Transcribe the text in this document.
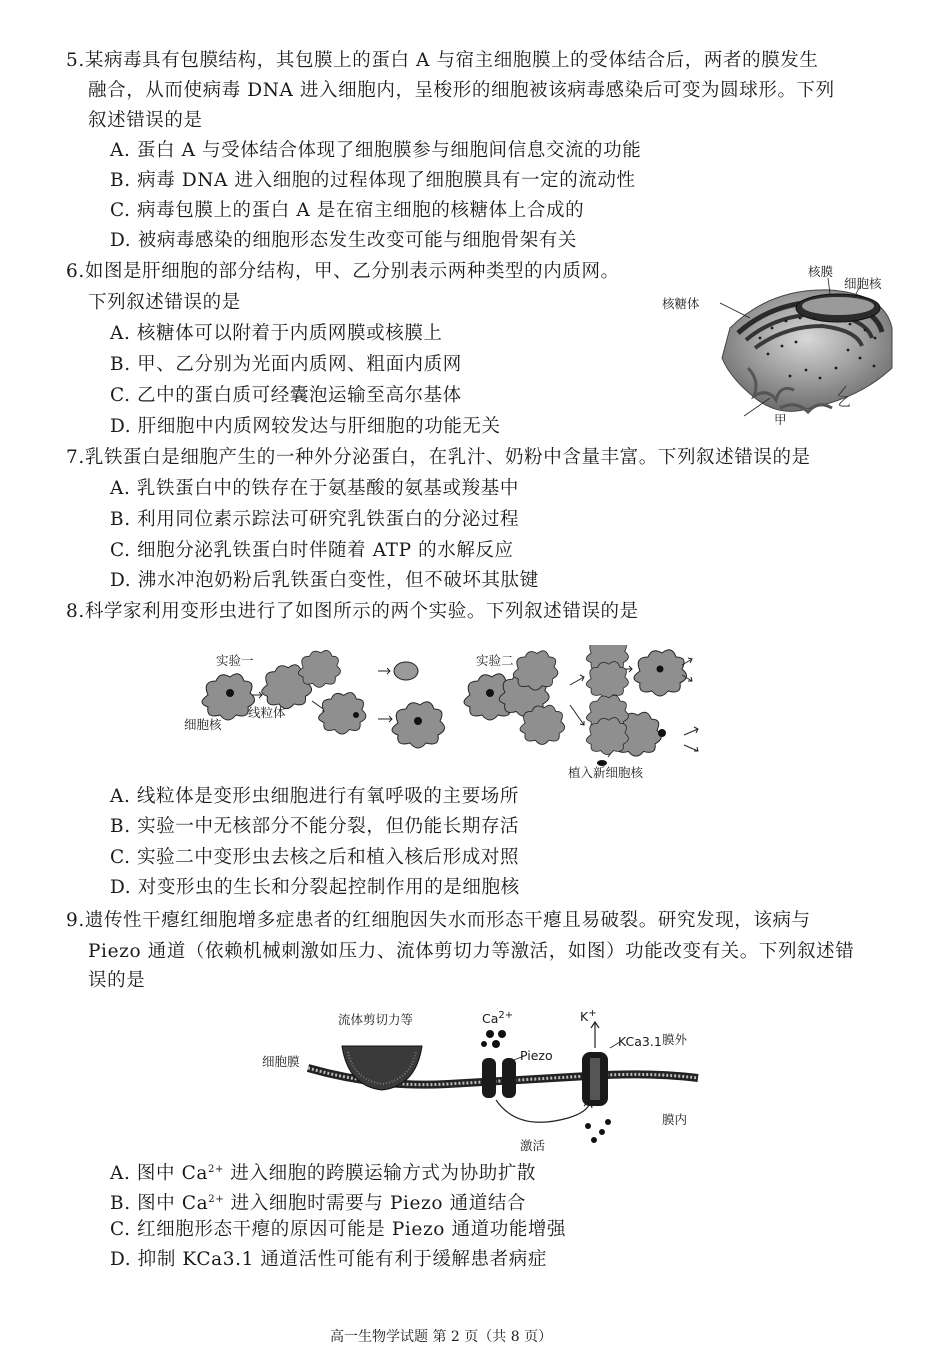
5.某病毒具有包膜结构，其包膜上的蛋白 A 与宿主细胞膜上的受体结合后，两者的膜发生
融合，从而使病毒 DNA 进入细胞内，呈梭形的细胞被该病毒感染后可变为圆球形。下列
叙述错误的是
A. 蛋白 A 与受体结合体现了细胞膜参与细胞间信息交流的功能
B. 病毒 DNA 进入细胞的过程体现了细胞膜具有一定的流动性
C. 病毒包膜上的蛋白 A 是在宿主细胞的核糖体上合成的
D. 被病毒感染的细胞形态发生改变可能与细胞骨架有关
6.如图是肝细胞的部分结构，甲、乙分别表示两种类型的内质网。
下列叙述错误的是
A. 核糖体可以附着于内质网膜或核膜上
B. 甲、乙分别为光面内质网、粗面内质网
C. 乙中的蛋白质可经囊泡运输至高尔基体
D. 肝细胞中内质网较发达与肝细胞的功能无关
核膜
细胞核
核糖体
甲
乙
7.乳铁蛋白是细胞产生的一种外分泌蛋白，在乳汁、奶粉中含量丰富。下列叙述错误的是
A. 乳铁蛋白中的铁存在于氨基酸的氨基或羧基中
B. 利用同位素示踪法可研究乳铁蛋白的分泌过程
C. 细胞分泌乳铁蛋白时伴随着 ATP 的水解反应
D. 沸水冲泡奶粉后乳铁蛋白变性，但不破坏其肽键
8.科学家利用变形虫进行了如图所示的两个实验。下列叙述错误的是
实验一	实验二
细胞核
线粒体
植入新细胞核
A. 线粒体是变形虫细胞进行有氧呼吸的主要场所
B. 实验一中无核部分不能分裂，但仍能长期存活
C. 实验二中变形虫去核之后和植入核后形成对照
D. 对变形虫的生长和分裂起控制作用的是细胞核
9.遗传性干瘪红细胞增多症患者的红细胞因失水而形态干瘪且易破裂。研究发现，该病与
Piezo 通道（依赖机械刺激如压力、流体剪切力等激活，如图）功能改变有关。下列叙述错
误的是
流体剪切力等
细胞膜
$Ca^{2+}$
Piezo
K+
KCa3.1 膜外
膜内
激活
A. 图中 $Ca^{2+}$ 进入细胞的跨膜运输方式为协助扩散
B. 图中 $Ca^{2+}$ 进入细胞时需要与 Piezo 通道结合
C. 红细胞形态干瘪的原因可能是 Piezo 通道功能增强
D. 抑制 KCa3.1 通道活性可能有利于缓解患者病症
高一生物学试题 第 2 页（共 8 页）
